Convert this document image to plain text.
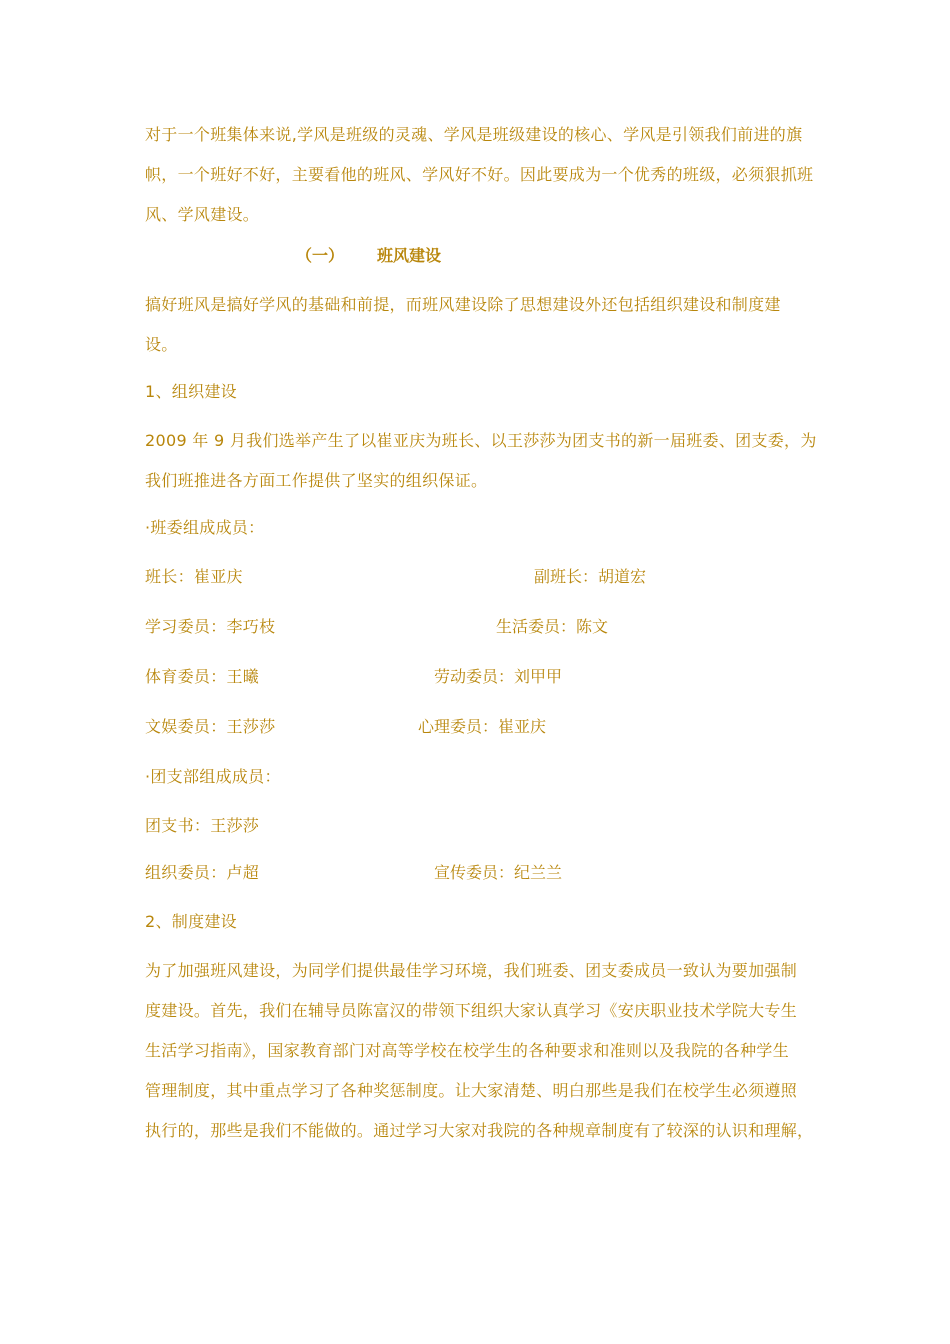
对于一个班集体来说,学风是班级的灵魂、学风是班级建设的核心、学风是引领我们前进的旗
帜，一个班好不好，主要看他的班风、学风好不好。因此要成为一个优秀的班级，必须狠抓班
风、学风建设。
（一） 班风建设
搞好班风是搞好学风的基础和前提，而班风建设除了思想建设外还包括组织建设和制度建
设。
1、组织建设
2009 年 9 月我们选举产生了以崔亚庆为班长、以王莎莎为团支书的新一届班委、团支委，为
我们班推进各方面工作提供了坚实的组织保证。
·班委组成成员：
班长：崔亚庆	副班长：胡道宏
学习委员：李巧枝	生活委员：陈文
体育委员：王曦	劳动委员：刘甲甲
文娱委员：王莎莎	心理委员：崔亚庆
·团支部组成成员：
团支书：王莎莎
组织委员：卢超	宣传委员：纪兰兰
2、制度建设
为了加强班风建设，为同学们提供最佳学习环境，我们班委、团支委成员一致认为要加强制
度建设。首先，我们在辅导员陈富汉的带领下组织大家认真学习《安庆职业技术学院大专生
生活学习指南》，国家教育部门对高等学校在校学生的各种要求和准则以及我院的各种学生
管理制度，其中重点学习了各种奖惩制度。让大家清楚、明白那些是我们在校学生必须遵照
执行的，那些是我们不能做的。通过学习大家对我院的各种规章制度有了较深的认识和理解，
